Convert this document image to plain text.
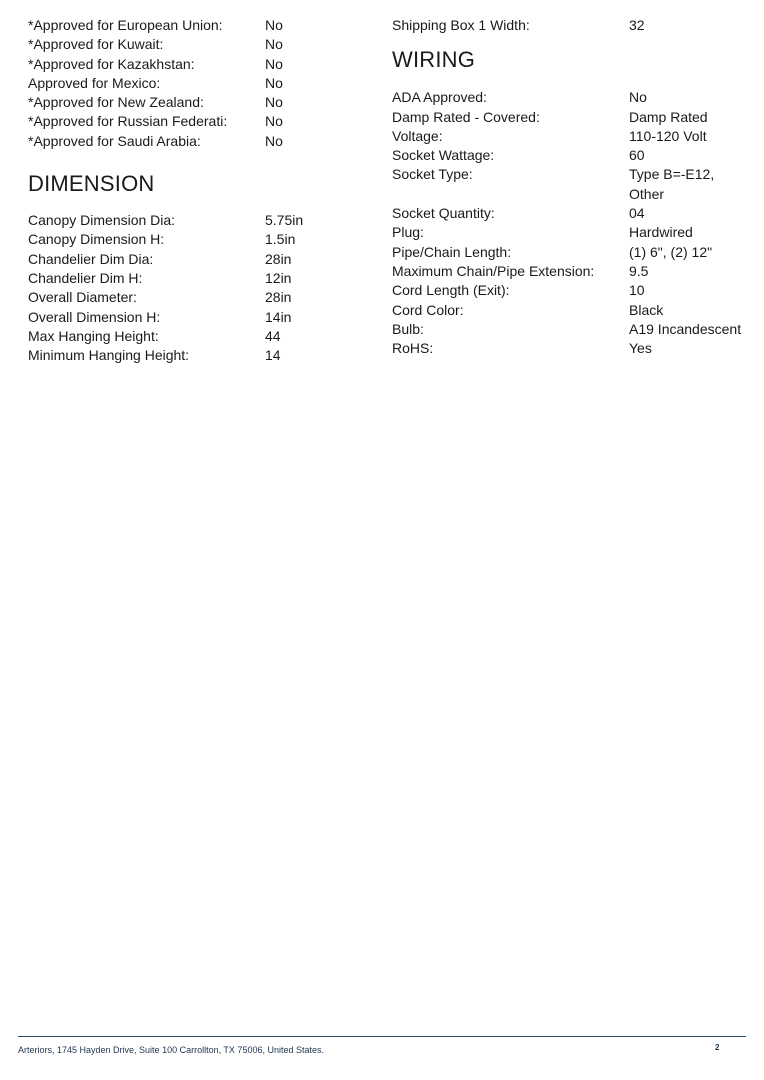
*Approved for European Union:	No
*Approved for Kuwait:	No
*Approved for Kazakhstan:	No
Approved for Mexico:	No
*Approved for New Zealand:	No
*Approved for Russian Federati:	No
*Approved for Saudi Arabia:	No
DIMENSION
Canopy Dimension Dia:	5.75in
Canopy Dimension H:	1.5in
Chandelier Dim Dia:	28in
Chandelier Dim H:	12in
Overall Diameter:	28in
Overall Dimension H:	14in
Max Hanging Height:	44
Minimum Hanging Height:	14
Shipping Box 1 Width:	32
WIRING
ADA Approved:	No
Damp Rated - Covered:	Damp Rated
Voltage:	110-120 Volt
Socket Wattage:	60
Socket Type:	Type B=-E12, Other
Socket Quantity:	04
Plug:	Hardwired
Pipe/Chain Length:	(1) 6", (2) 12"
Maximum Chain/Pipe Extension:	9.5
Cord Length (Exit):	10
Cord Color:	Black
Bulb:	A19 Incandescent
RoHS:	Yes
Arteriors, 1745 Hayden Drive, Suite 100 Carrollton, TX 75006, United States.	2
